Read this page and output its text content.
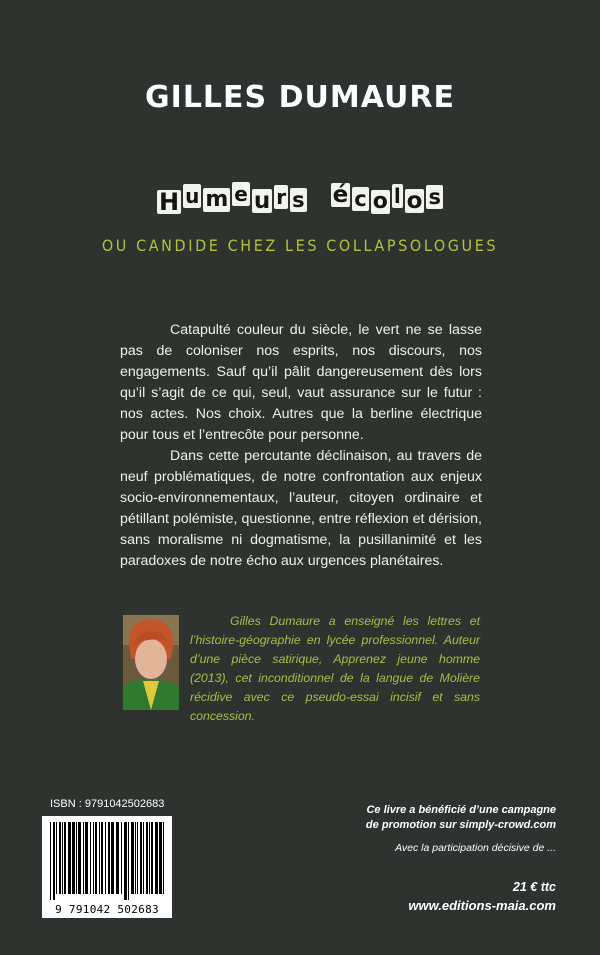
GILLES DUMAURE
H u m e u r s é c o l o s
OU CANDIDE CHEZ LES COLLAPSOLOGUES

Catapulté couleur du siècle, le vert ne se lasse pas de coloniser nos esprits, nos discours, nos engagements. Sauf qu’il pâlit dangereusement dès lors qu’il s’agit de ce qui, seul, vaut assurance sur le futur : nos actes. Nos choix. Autres que la berline électrique pour tous et l’entrecôte pour personne.

Dans cette percutante déclinaison, au travers de neuf problématiques, de notre confrontation aux enjeux socio-environnementaux, l’auteur, citoyen ordinaire et pétillant polémiste, questionne, entre réflexion et dérision, sans moralisme ni dogmatisme, la pusillanimité et les paradoxes de notre écho aux urgences planétaires.

Gilles Dumaure a enseigné les lettres et l’histoire-géographie en lycée professionnel. Auteur d’une pièce satirique, Apprenez jeune homme (2013), cet inconditionnel de la langue de Molière récidive avec ce pseudo-essai incisif et sans concession.
ISBN : 9791042502683
9 791042 502683
Ce livre a bénéficié d’une campagne
de promotion sur simply-crowd.com
Avec la participation décisive de ...
21 € ttc
www.editions-maia.com
